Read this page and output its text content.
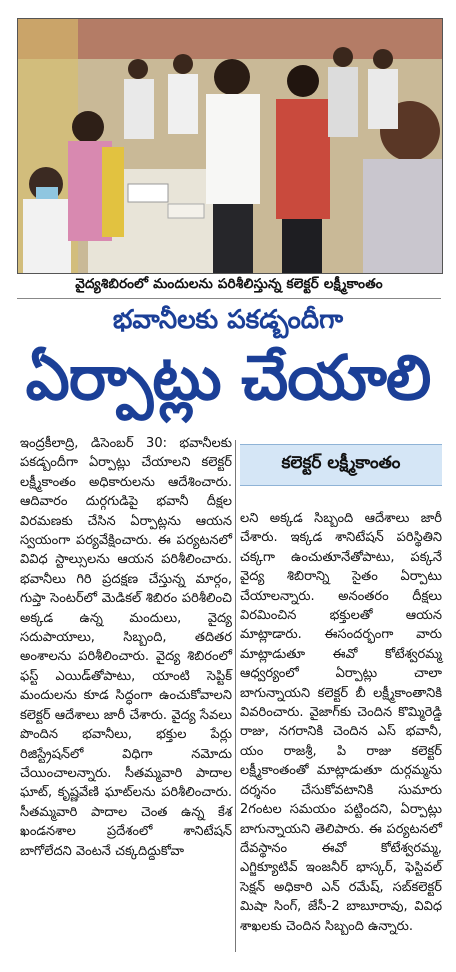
వైద్యశిబిరంలో మందులను పరిశీలిస్తున్న కలెక్టర్ లక్ష్మీకాంతం
భవానీలకు పకడ్బందీగా
ఏర్పాట్లు చేయాలి
ఇంద్రకీలాద్రి, డిసెంబర్ 30: భవానీలకు పకడ్బందీగా ఏర్పాట్లు చేయాలని కలెక్టర్ లక్ష్మీకాంతం అధికారులను ఆదేశించారు. ఆదివారం దుర్గగుడిపై భవానీ దీక్షల విరమణకు చేసిన ఏర్పాట్లను ఆయన స్వయంగా పర్యవేక్షించారు. ఈ పర్యటనలో వివిధ స్టాల్సులను ఆయన పరిశీలించారు. భవానీలు గిరి ప్రదక్షణ చేస్తున్న మార్గం, గుప్తా సెంటర్‌లో మెడికల్ శిబిరం పరిశీలించి అక్కడ ఉన్న మందులు, వైద్య సదుపాయాలు, సిబ్బంది, తదితర అంశాలను పరిశీలించారు. వైద్య శిబిరంలో ఫస్ట్ ఎయిడ్‌తోపాటు, యాంటి సెప్టిక్ మందులను కూడ సిద్ధంగా ఉంచుకోవాలని కలెక్టర్ ఆదేశాలు జారీ చేశారు. వైద్య సేవలు పొందిన భవానీలు, భక్తుల పేర్లు రిజిస్ట్రేషన్‌లో విధిగా నమోదు చేయించాలన్నారు. సీతమ్మవారి పాదాల ఘాట్, కృష్ణవేణి ఘాట్‌లను పరిశీలించారు. సీతమ్మవారి పాదాల చెంత ఉన్న కేశ ఖండనశాల ప్రదేశంలో శానిటేషన్ బాగోలేదని వెంటనే చక్కదిద్దుకోవా
కలెక్టర్ లక్ష్మీకాంతం
లని అక్కడ సిబ్బంది ఆదేశాలు జారీ చేశారు. ఇక్కడ శానిటేషన్ పరిస్థితిని చక్కగా ఉంచుతూనేతోపాటు, పక్కనే వైద్య శిబిరాన్ని సైతం ఏర్పాటు చేయాలన్నారు. అనంతరం దీక్షలు విరమించిన భక్తులతో ఆయన మాట్లాడారు. ఈసందర్భంగా వారు మాట్లాడుతూ ఈవో కోటేశ్వరమ్మ ఆధ్వర్యంలో ఏర్పాట్లు చాలా బాగున్నాయని కలెక్టర్ బీ లక్ష్మీకాంతానికి వివరించారు. వైజాగ్‌కు చెందిన కొమ్మిరెడ్డి రాజు, నగరానికి చెందిన ఎస్ భవానీ, యం రాజశ్రీ, పి రాజు కలెక్టర్ లక్ష్మీకాంతంతో మాట్లాడుతూ దుర్గమ్మను దర్శనం చేసుకోవటానికి సుమారు 2గంటల సమయం పట్టిందని, ఏర్పాట్లు బాగున్నాయని తెలిపారు. ఈ పర్యటనలో దేవస్థానం ఈవో కోటేశ్వరమ్మ, ఎగ్జిక్యూటివ్ ఇంజనీర్ భాస్కర్, ఫెస్టివల్ సెక్షన్ అధికారి ఎన్ రమేష్, సబ్‌కలెక్టర్ మిషా సింగ్, జేసీ-2 బాబూరావు, వివిధ శాఖలకు చెందిన సిబ్బంది ఉన్నారు.
